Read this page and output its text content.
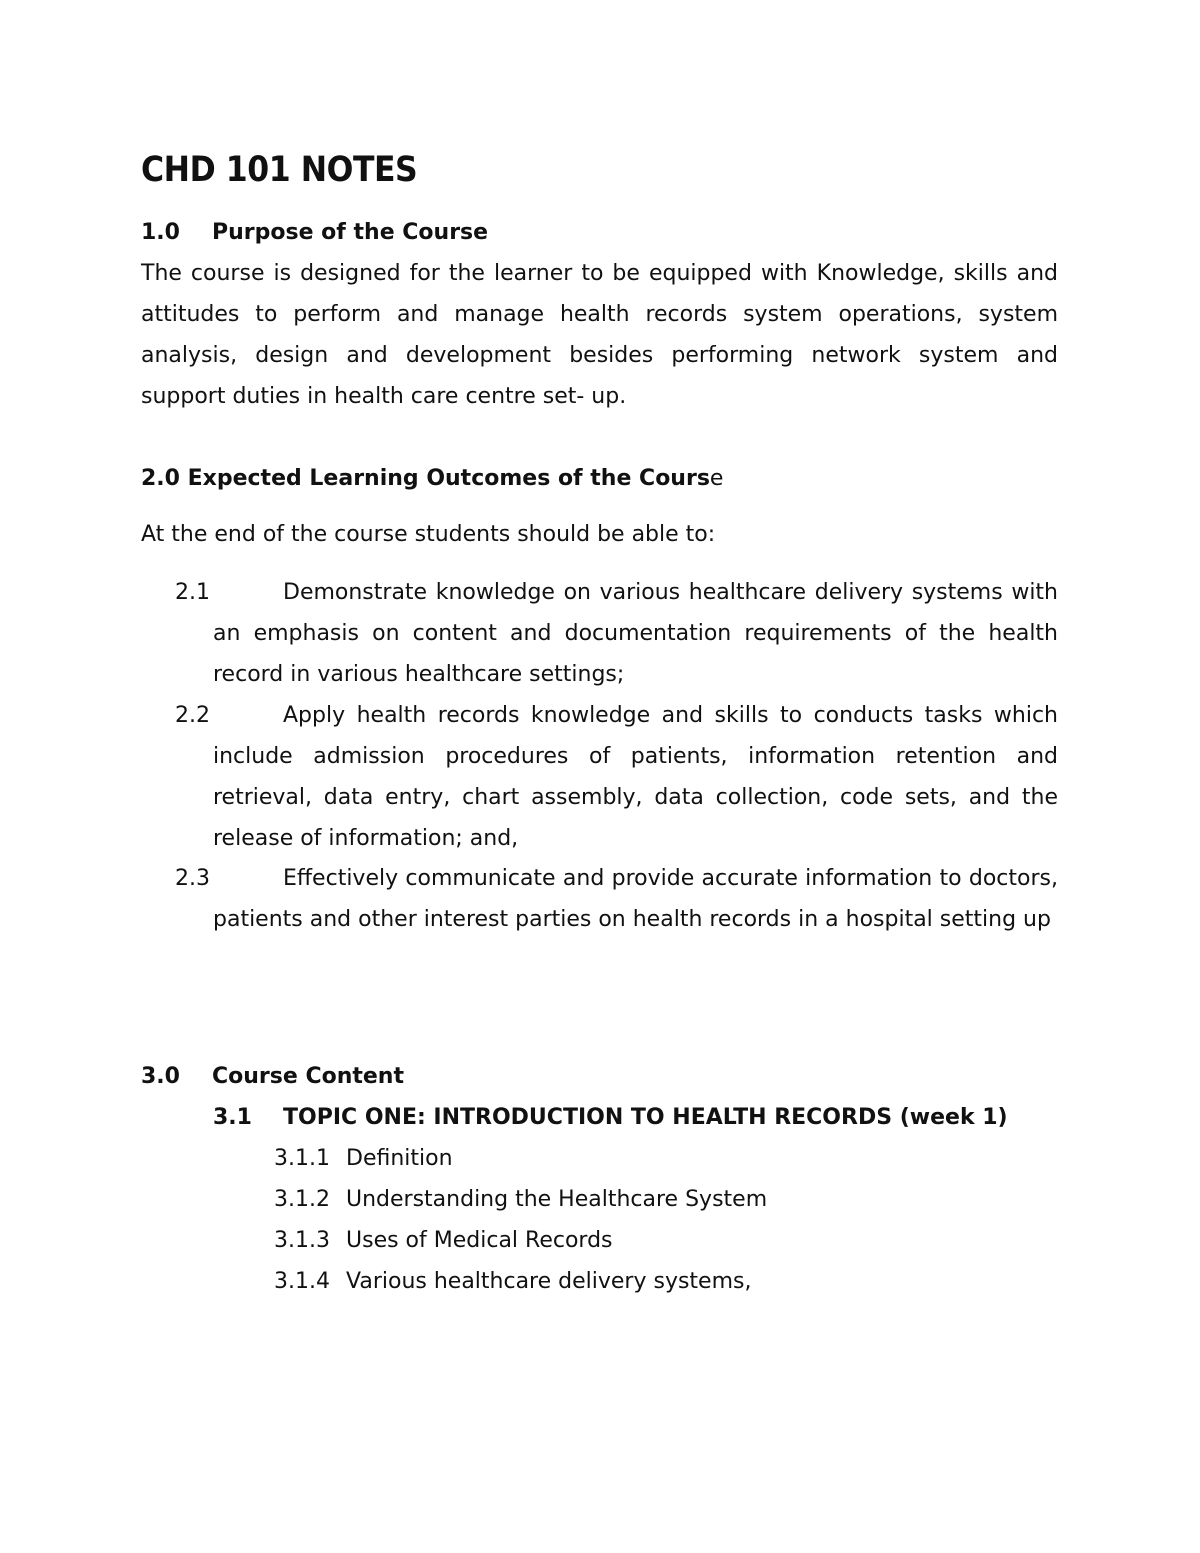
CHD 101 NOTES
1.0 Purpose of the Course
The course is designed for the learner to be equipped with Knowledge, skills and attitudes to perform and manage health records system operations, system analysis, design and development besides performing network system and support duties in health care centre set- up.
2.0 Expected Learning Outcomes of the Course
At the end of the course students should be able to:
2.1	Demonstrate knowledge on various healthcare delivery systems with an emphasis on content and documentation requirements of the health record in various healthcare settings;
2.2	Apply health records knowledge and skills to conducts tasks which include admission procedures of patients, information retention and retrieval, data entry, chart assembly, data collection, code sets, and the release of information; and,
2.3	Effectively communicate and provide accurate information to doctors, patients and other interest parties on health records in a hospital setting up
3.0 Course Content
3.1 TOPIC ONE: INTRODUCTION TO HEALTH RECORDS (week 1)
3.1.1 Definition
3.1.2 Understanding the Healthcare System
3.1.3 Uses of Medical Records
3.1.4 Various healthcare delivery systems,
